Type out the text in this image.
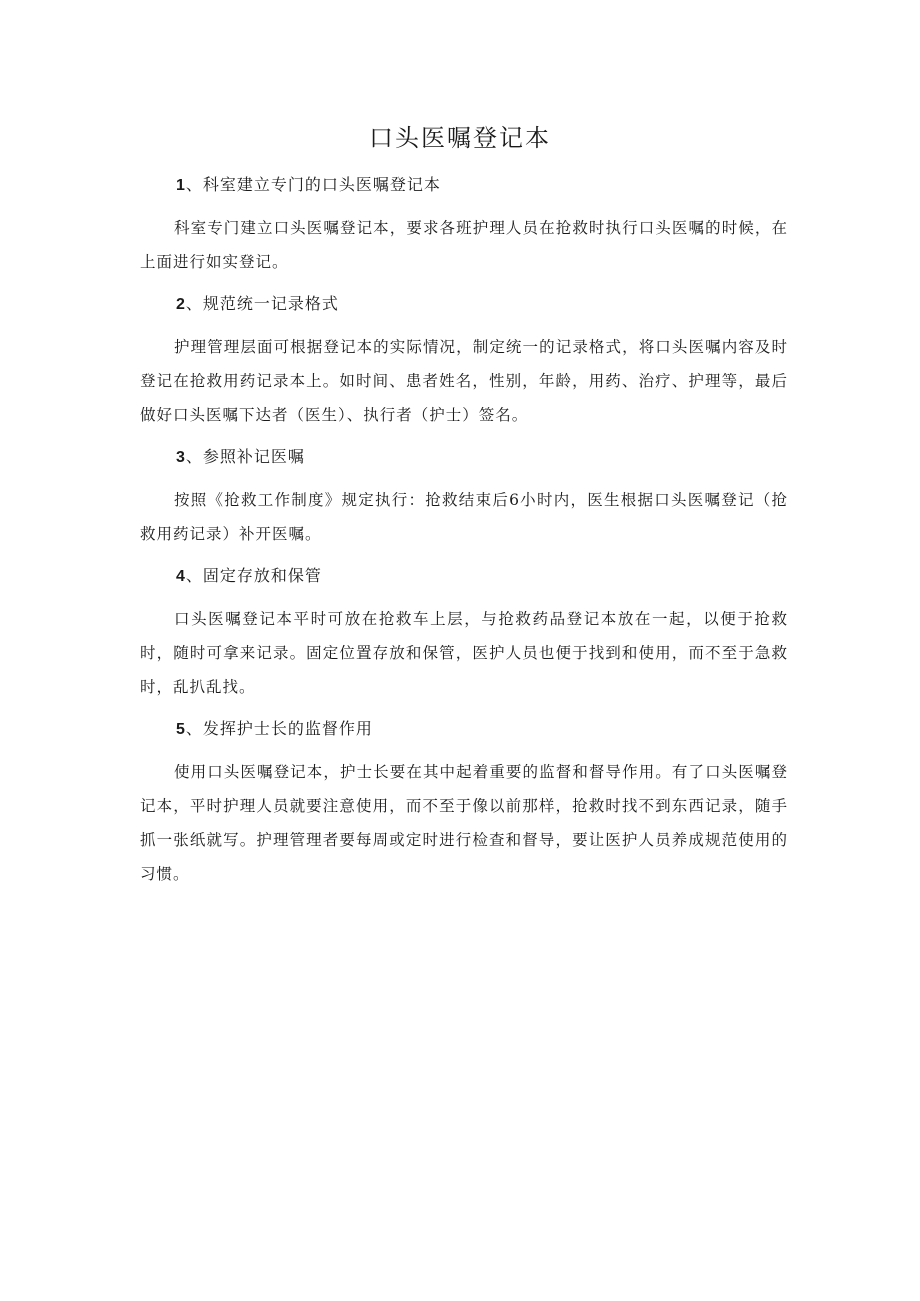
口头医嘱登记本
1、科室建立专门的口头医嘱登记本

科室专门建立口头医嘱登记本，要求各班护理人员在抢救时执行口头医嘱的时候，在上面进行如实登记。

2、规范统一记录格式

护理管理层面可根据登记本的实际情况，制定统一的记录格式，将口头医嘱内容及时登记在抢救用药记录本上。如时间、患者姓名，性别，年龄，用药、治疗、护理等，最后做好口头医嘱下达者（医生）、执行者（护士）签名。

3、参照补记医嘱

按照《抢救工作制度》规定执行：抢救结束后6小时内，医生根据口头医嘱登记（抢救用药记录）补开医嘱。

4、固定存放和保管

口头医嘱登记本平时可放在抢救车上层，与抢救药品登记本放在一起，以便于抢救时，随时可拿来记录。固定位置存放和保管，医护人员也便于找到和使用，而不至于急救时，乱扒乱找。

5、发挥护士长的监督作用

使用口头医嘱登记本，护士长要在其中起着重要的监督和督导作用。有了口头医嘱登记本，平时护理人员就要注意使用，而不至于像以前那样，抢救时找不到东西记录，随手抓一张纸就写。护理管理者要每周或定时进行检查和督导，要让医护人员养成规范使用的习惯。
